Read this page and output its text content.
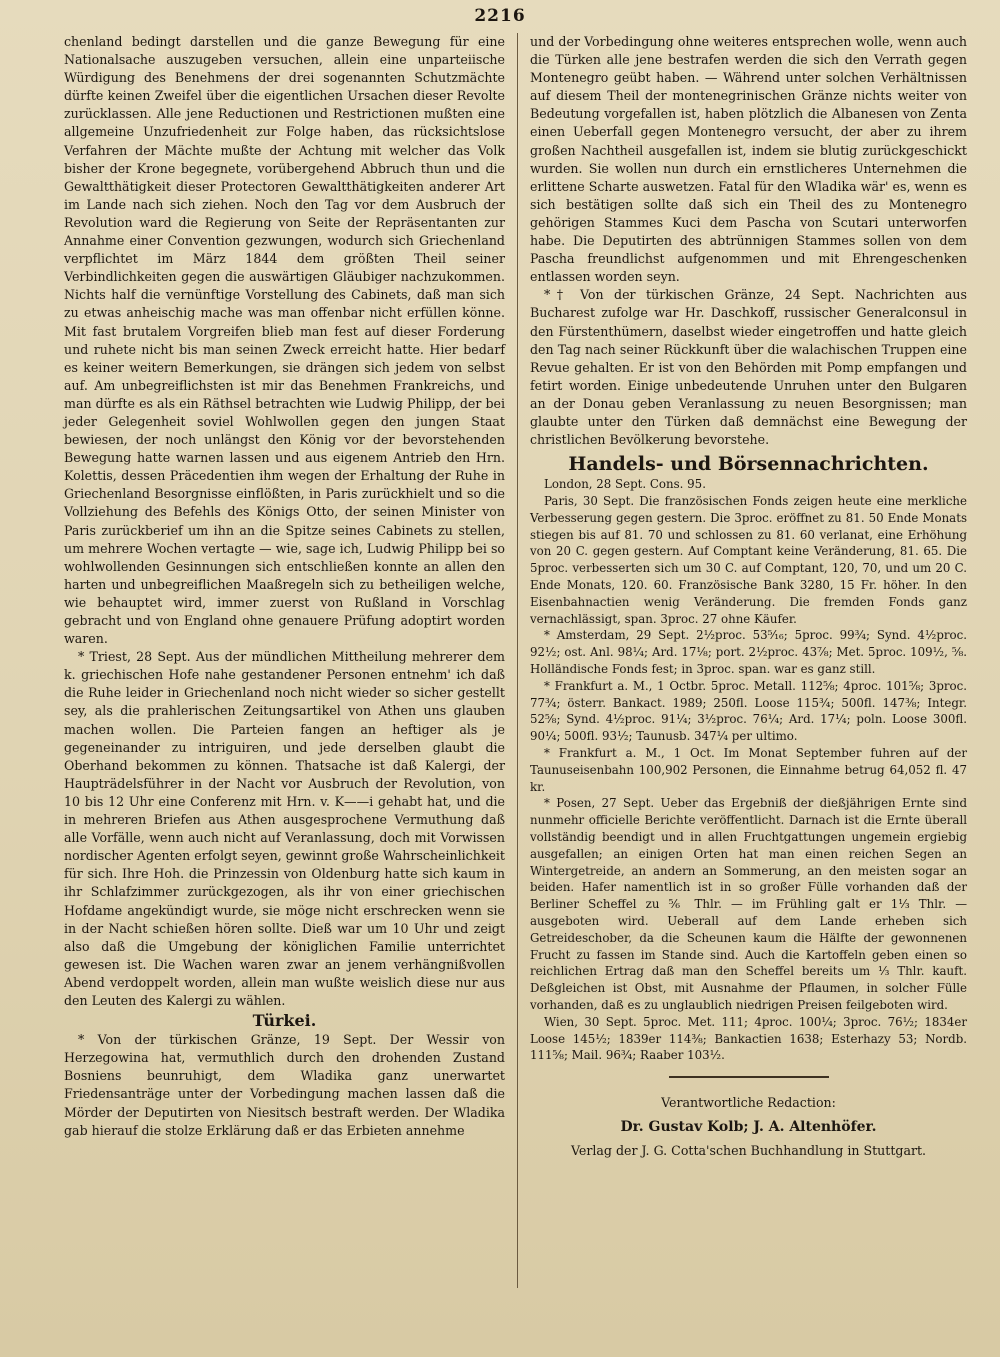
2216

chenland bedingt darstellen und die ganze Bewegung für eine Nationalsache auszugeben versuchen, allein eine unparteiische Würdigung des Benehmens der drei sogenannten Schutzmächte dürfte keinen Zweifel über die eigentlichen Ursachen dieser Revolte zurücklassen. Alle jene Reductionen und Restrictionen mußten eine allgemeine Unzufriedenheit zur Folge haben, das rücksichtslose Verfahren der Mächte mußte der Achtung mit welcher das Volk bisher der Krone begegnete, vorübergehend Abbruch thun und die Gewaltthätigkeit dieser Protectoren Gewaltthätigkeiten anderer Art im Lande nach sich ziehen. Noch den Tag vor dem Ausbruch der Revolution ward die Regierung von Seite der Repräsentanten zur Annahme einer Convention gezwungen, wodurch sich Griechenland verpflichtet im März 1844 dem größten Theil seiner Verbindlichkeiten gegen die auswärtigen Gläubiger nachzukommen. Nichts half die vernünftige Vorstellung des Cabinets, daß man sich zu etwas anheischig mache was man offenbar nicht erfüllen könne. Mit fast brutalem Vorgreifen blieb man fest auf dieser Forderung und ruhete nicht bis man seinen Zweck erreicht hatte. Hier bedarf es keiner weitern Bemerkungen, sie drängen sich jedem von selbst auf. Am unbegreiflichsten ist mir das Benehmen Frankreichs, und man dürfte es als ein Räthsel betrachten wie Ludwig Philipp, der bei jeder Gelegenheit soviel Wohlwollen gegen den jungen Staat bewiesen, der noch unlängst den König vor der bevorstehenden Bewegung hatte warnen lassen und aus eigenem Antrieb den Hrn. Kolettis, dessen Präcedentien ihm wegen der Erhaltung der Ruhe in Griechenland Besorgnisse einflößten, in Paris zurückhielt und so die Vollziehung des Befehls des Königs Otto, der seinen Minister von Paris zurückberief um ihn an die Spitze seines Cabinets zu stellen, um mehrere Wochen vertagte — wie, sage ich, Ludwig Philipp bei so wohlwollenden Gesinnungen sich entschließen konnte an allen den harten und unbegreiflichen Maaßregeln sich zu betheiligen welche, wie behauptet wird, immer zuerst von Rußland in Vorschlag gebracht und von England ohne genauere Prüfung adoptirt worden waren.

* Triest, 28 Sept. Aus der mündlichen Mittheilung mehrerer dem k. griechischen Hofe nahe gestandener Personen entnehm' ich daß die Ruhe leider in Griechenland noch nicht wieder so sicher gestellt sey, als die prahlerischen Zeitungsartikel von Athen uns glauben machen wollen. Die Parteien fangen an heftiger als je gegeneinander zu intriguiren, und jede derselben glaubt die Oberhand bekommen zu können. Thatsache ist daß Kalergi, der Haupträdelsführer in der Nacht vor Ausbruch der Revolution, von 10 bis 12 Uhr eine Conferenz mit Hrn. v. K——i gehabt hat, und die in mehreren Briefen aus Athen ausgesprochene Vermuthung daß alle Vorfälle, wenn auch nicht auf Veranlassung, doch mit Vorwissen nordischer Agenten erfolgt seyen, gewinnt große Wahrscheinlichkeit für sich. Ihre Hoh. die Prinzessin von Oldenburg hatte sich kaum in ihr Schlafzimmer zurückgezogen, als ihr von einer griechischen Hofdame angekündigt wurde, sie möge nicht erschrecken wenn sie in der Nacht schießen hören sollte. Dieß war um 10 Uhr und zeigt also daß die Umgebung der königlichen Familie unterrichtet gewesen ist. Die Wachen waren zwar an jenem verhängnißvollen Abend verdoppelt worden, allein man wußte weislich diese nur aus den Leuten des Kalergi zu wählen.

Türkei.

* Von der türkischen Gränze, 19 Sept. Der Wessir von Herzegowina hat, vermuthlich durch den drohenden Zustand Bosniens beunruhigt, dem Wladika ganz unerwartet Friedensanträge unter der Vorbedingung machen lassen daß die Mörder der Deputirten von Niesitsch bestraft werden. Der Wladika gab hierauf die stolze Erklärung daß er das Erbieten annehme

und der Vorbedingung ohne weiteres entsprechen wolle, wenn auch die Türken alle jene bestrafen werden die sich den Verrath gegen Montenegro geübt haben. — Während unter solchen Verhältnissen auf diesem Theil der montenegrinischen Gränze nichts weiter von Bedeutung vorgefallen ist, haben plötzlich die Albanesen von Zenta einen Ueberfall gegen Montenegro versucht, der aber zu ihrem großen Nachtheil ausgefallen ist, indem sie blutig zurückgeschickt wurden. Sie wollen nun durch ein ernstlicheres Unternehmen die erlittene Scharte auswetzen. Fatal für den Wladika wär' es, wenn es sich bestätigen sollte daß sich ein Theil des zu Montenegro gehörigen Stammes Kuci dem Pascha von Scutari unterworfen habe. Die Deputirten des abtrünnigen Stammes sollen von dem Pascha freundlichst aufgenommen und mit Ehrengeschenken entlassen worden seyn.

*† Von der türkischen Gränze, 24 Sept. Nachrichten aus Bucharest zufolge war Hr. Daschkoff, russischer Generalconsul in den Fürstenthümern, daselbst wieder eingetroffen und hatte gleich den Tag nach seiner Rückkunft über die walachischen Truppen eine Revue gehalten. Er ist von den Behörden mit Pomp empfangen und fetirt worden. Einige unbedeutende Unruhen unter den Bulgaren an der Donau geben Veranlassung zu neuen Besorgnissen; man glaubte unter den Türken daß demnächst eine Bewegung der christlichen Bevölkerung bevorstehe.

Handels- und Börsennachrichten.

London, 28 Sept. Cons. 95.

Paris, 30 Sept. Die französischen Fonds zeigen heute eine merkliche Verbesserung gegen gestern. Die 3proc. eröffnet zu 81. 50 Ende Monats stiegen bis auf 81. 70 und schlossen zu 81. 60 verlanat, eine Erhöhung von 20 C. gegen gestern. Auf Comptant keine Veränderung, 81. 65. Die 5proc. verbesserten sich um 30 C. auf Comptant, 120, 70, und um 20 C. Ende Monats, 120. 60. Französische Bank 3280, 15 Fr. höher. In den Eisenbahnactien wenig Veränderung. Die fremden Fonds ganz vernachlässigt, span. 3proc. 27 ohne Käufer.

* Amsterdam, 29 Sept. 2½proc. 53⁵⁄₁₆; 5proc. 99¾; Synd. 4½proc. 92½; ost. Anl. 98¼; Ard. 17⅛; port. 2½proc. 43⅞; Met. 5proc. 109½, ⅝. Holländische Fonds fest; in 3proc. span. war es ganz still.

* Frankfurt a. M., 1 Octbr. 5proc. Metall. 112⅝; 4proc. 101⅝; 3proc. 77¾; österr. Bankact. 1989; 250fl. Loose 115¾; 500fl. 147⅜; Integr. 52⅝; Synd. 4½proc. 91¼; 3½proc. 76¼; Ard. 17¼; poln. Loose 300fl. 90¼; 500fl. 93½; Taunusb. 347¼ per ultimo.

* Frankfurt a. M., 1 Oct. Im Monat September fuhren auf der Taunuseisenbahn 100,902 Personen, die Einnahme betrug 64,052 fl. 47 kr.

* Posen, 27 Sept. Ueber das Ergebniß der dießjährigen Ernte sind nunmehr officielle Berichte veröffentlicht. Darnach ist die Ernte überall vollständig beendigt und in allen Fruchtgattungen ungemein ergiebig ausgefallen; an einigen Orten hat man einen reichen Segen an Wintergetreide, an andern an Sommerung, an den meisten sogar an beiden. Hafer namentlich ist in so großer Fülle vorhanden daß der Berliner Scheffel zu ⅚ Thlr. — im Frühling galt er 1⅓ Thlr. — ausgeboten wird. Ueberall auf dem Lande erheben sich Getreideschober, da die Scheunen kaum die Hälfte der gewonnenen Frucht zu fassen im Stande sind. Auch die Kartoffeln geben einen so reichlichen Ertrag daß man den Scheffel bereits um ⅓ Thlr. kauft. Deßgleichen ist Obst, mit Ausnahme der Pflaumen, in solcher Fülle vorhanden, daß es zu unglaublich niedrigen Preisen feilgeboten wird.

Wien, 30 Sept. 5proc. Met. 111; 4proc. 100¼; 3proc. 76½; 1834er Loose 145½; 1839er 114⅜; Bankactien 1638; Esterhazy 53; Nordb. 111⅝; Mail. 96¾; Raaber 103½.

Verantwortliche Redaction:
Dr. Gustav Kolb; J. A. Altenhöfer.
Verlag der J. G. Cotta'schen Buchhandlung in Stuttgart.
